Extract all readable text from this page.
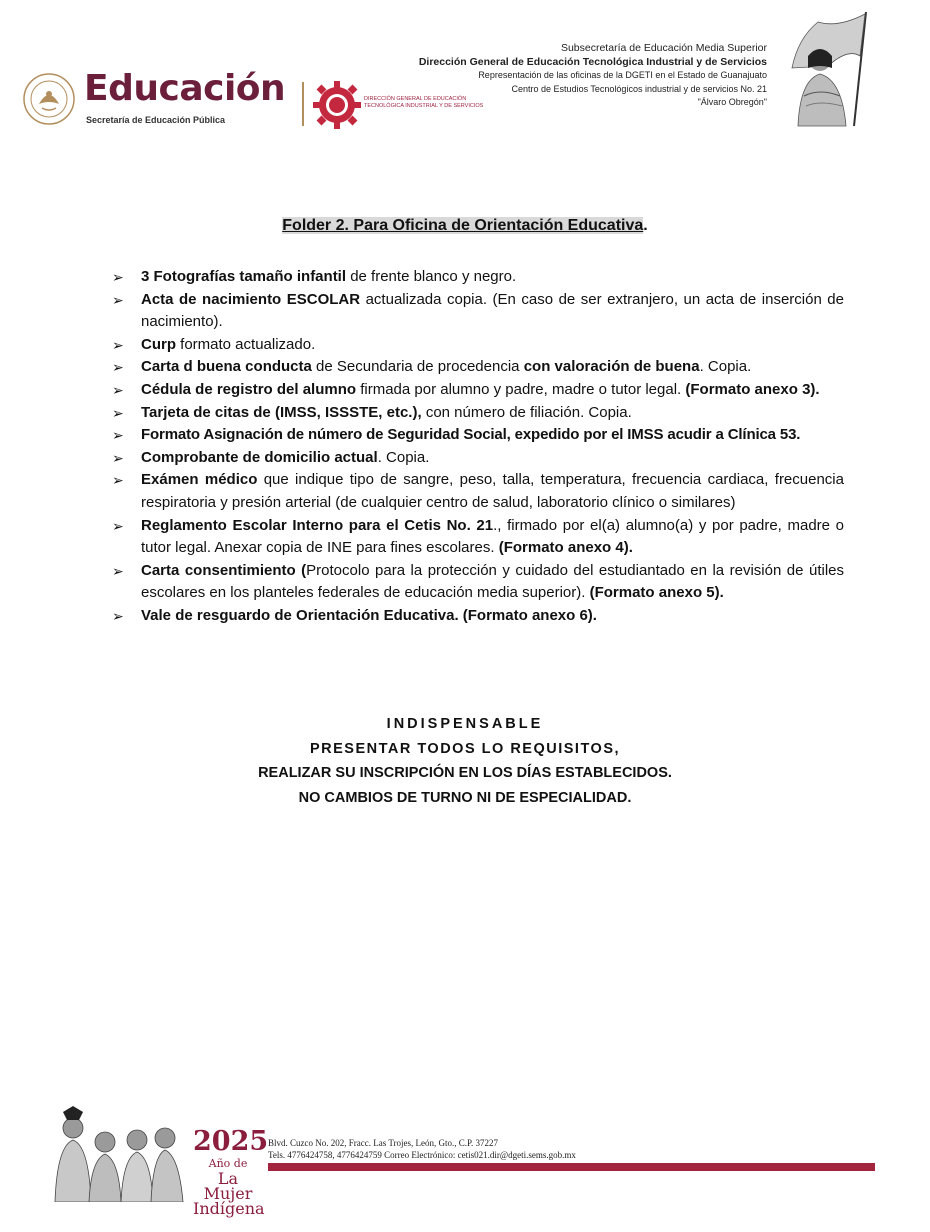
Educación
Secretaría de Educación Pública
DIRECCIÓN GENERAL DE EDUCACIÓN
TECNOLÓGICA INDUSTRIAL Y DE SERVICIOS
Subsecretaría de Educación Media Superior
Dirección General de Educación Tecnológica Industrial y de Servicios
Representación de las oficinas de la DGETI en el Estado de Guanajuato
Centro de Estudios Tecnológicos industrial y de servicios No. 21
"Álvaro Obregón"
Folder 2. Para Oficina de Orientación Educativa.
➢ 3 Fotografías tamaño infantil de frente blanco y negro.
➢ Acta de nacimiento ESCOLAR actualizada copia. (En caso de ser extranjero, un acta de inserción de nacimiento).
➢ Curp formato actualizado.
➢ Carta d buena conducta de Secundaria de procedencia con valoración de buena. Copia.
➢ Cédula de registro del alumno firmada por alumno y padre, madre o tutor legal. (Formato anexo 3).
➢ Tarjeta de citas de (IMSS, ISSSTE, etc.), con número de filiación. Copia.
➢ Formato Asignación de número de Seguridad Social, expedido por el IMSS acudir a Clínica 53.
➢ Comprobante de domicilio actual. Copia.
➢ Exámen médico que indique tipo de sangre, peso, talla, temperatura, frecuencia cardiaca, frecuencia respiratoria y presión arterial (de cualquier centro de salud, laboratorio clínico o similares)
➢ Reglamento Escolar Interno para el Cetis No. 21., firmado por el(a) alumno(a) y por padre, madre o tutor legal. Anexar copia de INE para fines escolares. (Formato anexo 4).
➢ Carta consentimiento (Protocolo para la protección y cuidado del estudiantado en la revisión de útiles escolares en los planteles federales de educación media superior). (Formato anexo 5).
➢ Vale de resguardo de Orientación Educativa. (Formato anexo 6).
INDISPENSABLE
PRESENTAR TODOS LO REQUISITOS,
REALIZAR SU INSCRIPCIÓN EN LOS DÍAS ESTABLECIDOS.
NO CAMBIOS DE TURNO NI DE ESPECIALIDAD.
2025
Año de
La Mujer
Indígena
Blvd. Cuzco No. 202, Fracc. Las Trojes, León, Gto., C.P. 37227
Tels. 4776424758, 4776424759 Correo Electrónico: cetis021.dir@dgeti.sems.gob.mx
